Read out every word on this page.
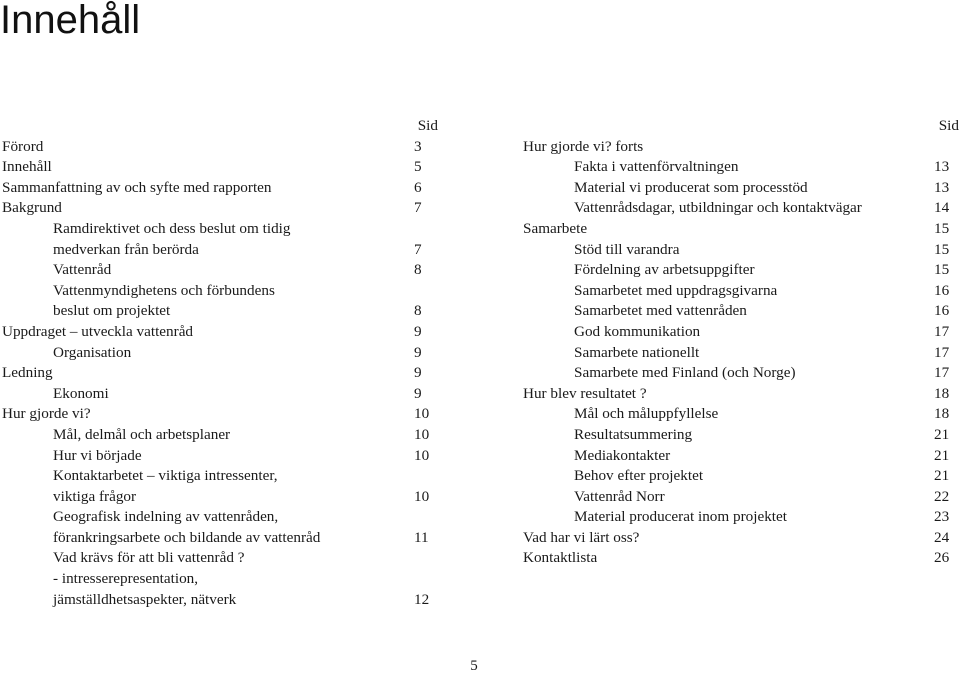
Innehåll
Sid
Förord	3
Innehåll	5
Sammanfattning av och syfte med rapporten	6
Bakgrund	7
Ramdirektivet och dess beslut om tidig
medverkan från berörda	7
Vattenråd	8
Vattenmyndighetens och förbundens
beslut om projektet	8
Uppdraget – utveckla vattenråd	9
Organisation	9
Ledning	9
Ekonomi	9
Hur gjorde vi?	10
Mål, delmål och arbetsplaner	10
Hur vi började	10
Kontaktarbetet – viktiga intressenter,
viktiga frågor	10
Geografisk indelning av vattenråden,
förankringsarbete och bildande av vattenråd	11
Vad krävs för att bli vattenråd ?
- intresserepresentation,
jämställdhetsaspekter, nätverk	12
Sid
Hur gjorde vi? forts
Fakta i vattenförvaltningen	13
Material vi producerat som processtöd	13
Vattenrådsdagar, utbildningar och kontaktvägar	14
Samarbete	15
Stöd till varandra	15
Fördelning av arbetsuppgifter	15
Samarbetet med uppdragsgivarna	16
Samarbetet med vattenråden	16
God kommunikation	17
Samarbete nationellt	17
Samarbete med Finland (och Norge)	17
Hur blev resultatet ?	18
Mål och måluppfyllelse	18
Resultatsummering	21
Mediakontakter	21
Behov efter projektet	21
Vattenråd Norr	22
Material producerat inom projektet	23
Vad har vi lärt oss?	24
Kontaktlista	26
5
